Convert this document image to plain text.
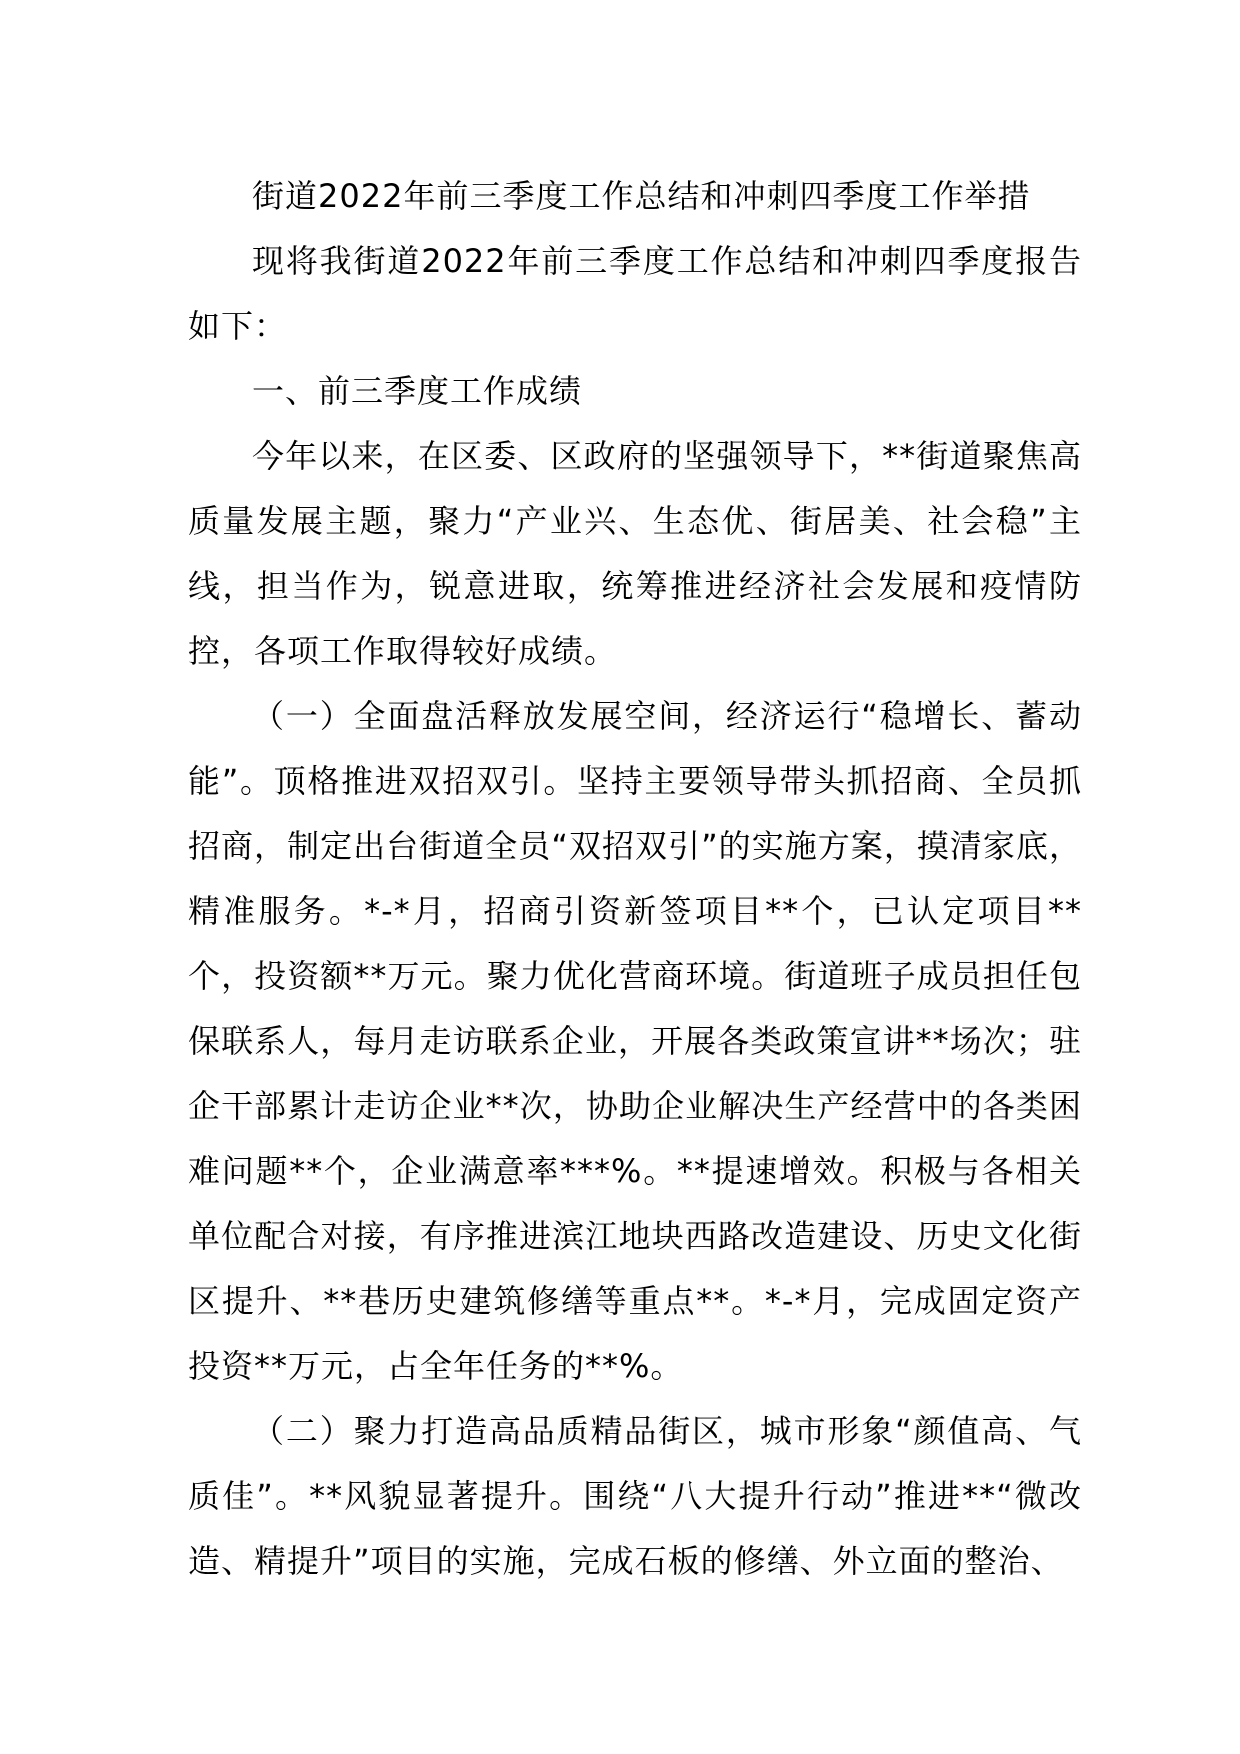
街道2022年前三季度工作总结和冲刺四季度工作举措

现将我街道2022年前三季度工作总结和冲刺四季度报告如下：

一、前三季度工作成绩

今年以来，在区委、区政府的坚强领导下，**街道聚焦高质量发展主题，聚力“产业兴、生态优、街居美、社会稳”主线，担当作为，锐意进取，统筹推进经济社会发展和疫情防控，各项工作取得较好成绩。

（一）全面盘活释放发展空间，经济运行“稳增长、蓄动能”。顶格推进双招双引。坚持主要领导带头抓招商、全员抓招商，制定出台街道全员“双招双引”的实施方案，摸清家底，精准服务。*-*月，招商引资新签项目**个，已认定项目**个，投资额**万元。聚力优化营商环境。街道班子成员担任包保联系人，每月走访联系企业，开展各类政策宣讲**场次；驻企干部累计走访企业**次，协助企业解决生产经营中的各类困难问题**个，企业满意率***%。**提速增效。积极与各相关单位配合对接，有序推进滨江地块西路改造建设、历史文化街区提升、**巷历史建筑修缮等重点**。*-*月，完成固定资产投资**万元，占全年任务的**%。

（二）聚力打造高品质精品街区，城市形象“颜值高、气质佳”。**风貌显著提升。围绕“八大提升行动”推进**“微改造、精提升”项目的实施，完成石板的修缮、外立面的整治、
